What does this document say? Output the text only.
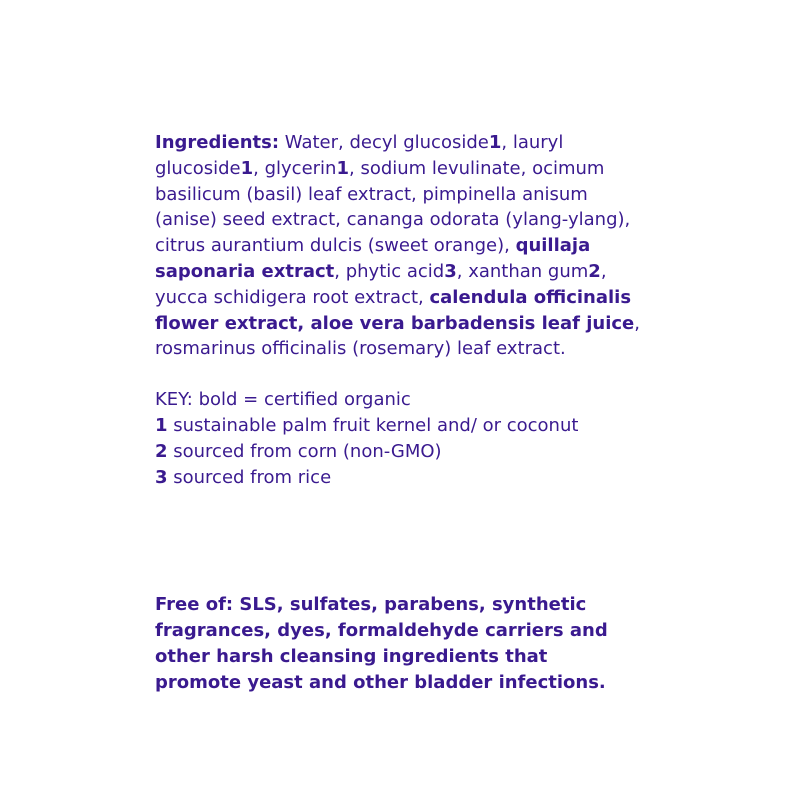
Ingredients: Water, decyl glucoside1, lauryl glucoside1, glycerin1, sodium levulinate, ocimum basilicum (basil) leaf extract, pimpinella anisum (anise) seed extract, cananga odorata (ylang-ylang), citrus aurantium dulcis (sweet orange), quillaja saponaria extract, phytic acid3, xanthan gum2, yucca schidigera root extract, calendula officinalis flower extract, aloe vera barbadensis leaf juice, rosmarinus officinalis (rosemary) leaf extract.

KEY: bold = certified organic
1 sustainable palm fruit kernel and/ or coconut
2 sourced from corn (non-GMO)
3 sourced from rice

Free of: SLS, sulfates, parabens, synthetic fragrances, dyes, formaldehyde carriers and other harsh cleansing ingredients that promote yeast and other bladder infections.
